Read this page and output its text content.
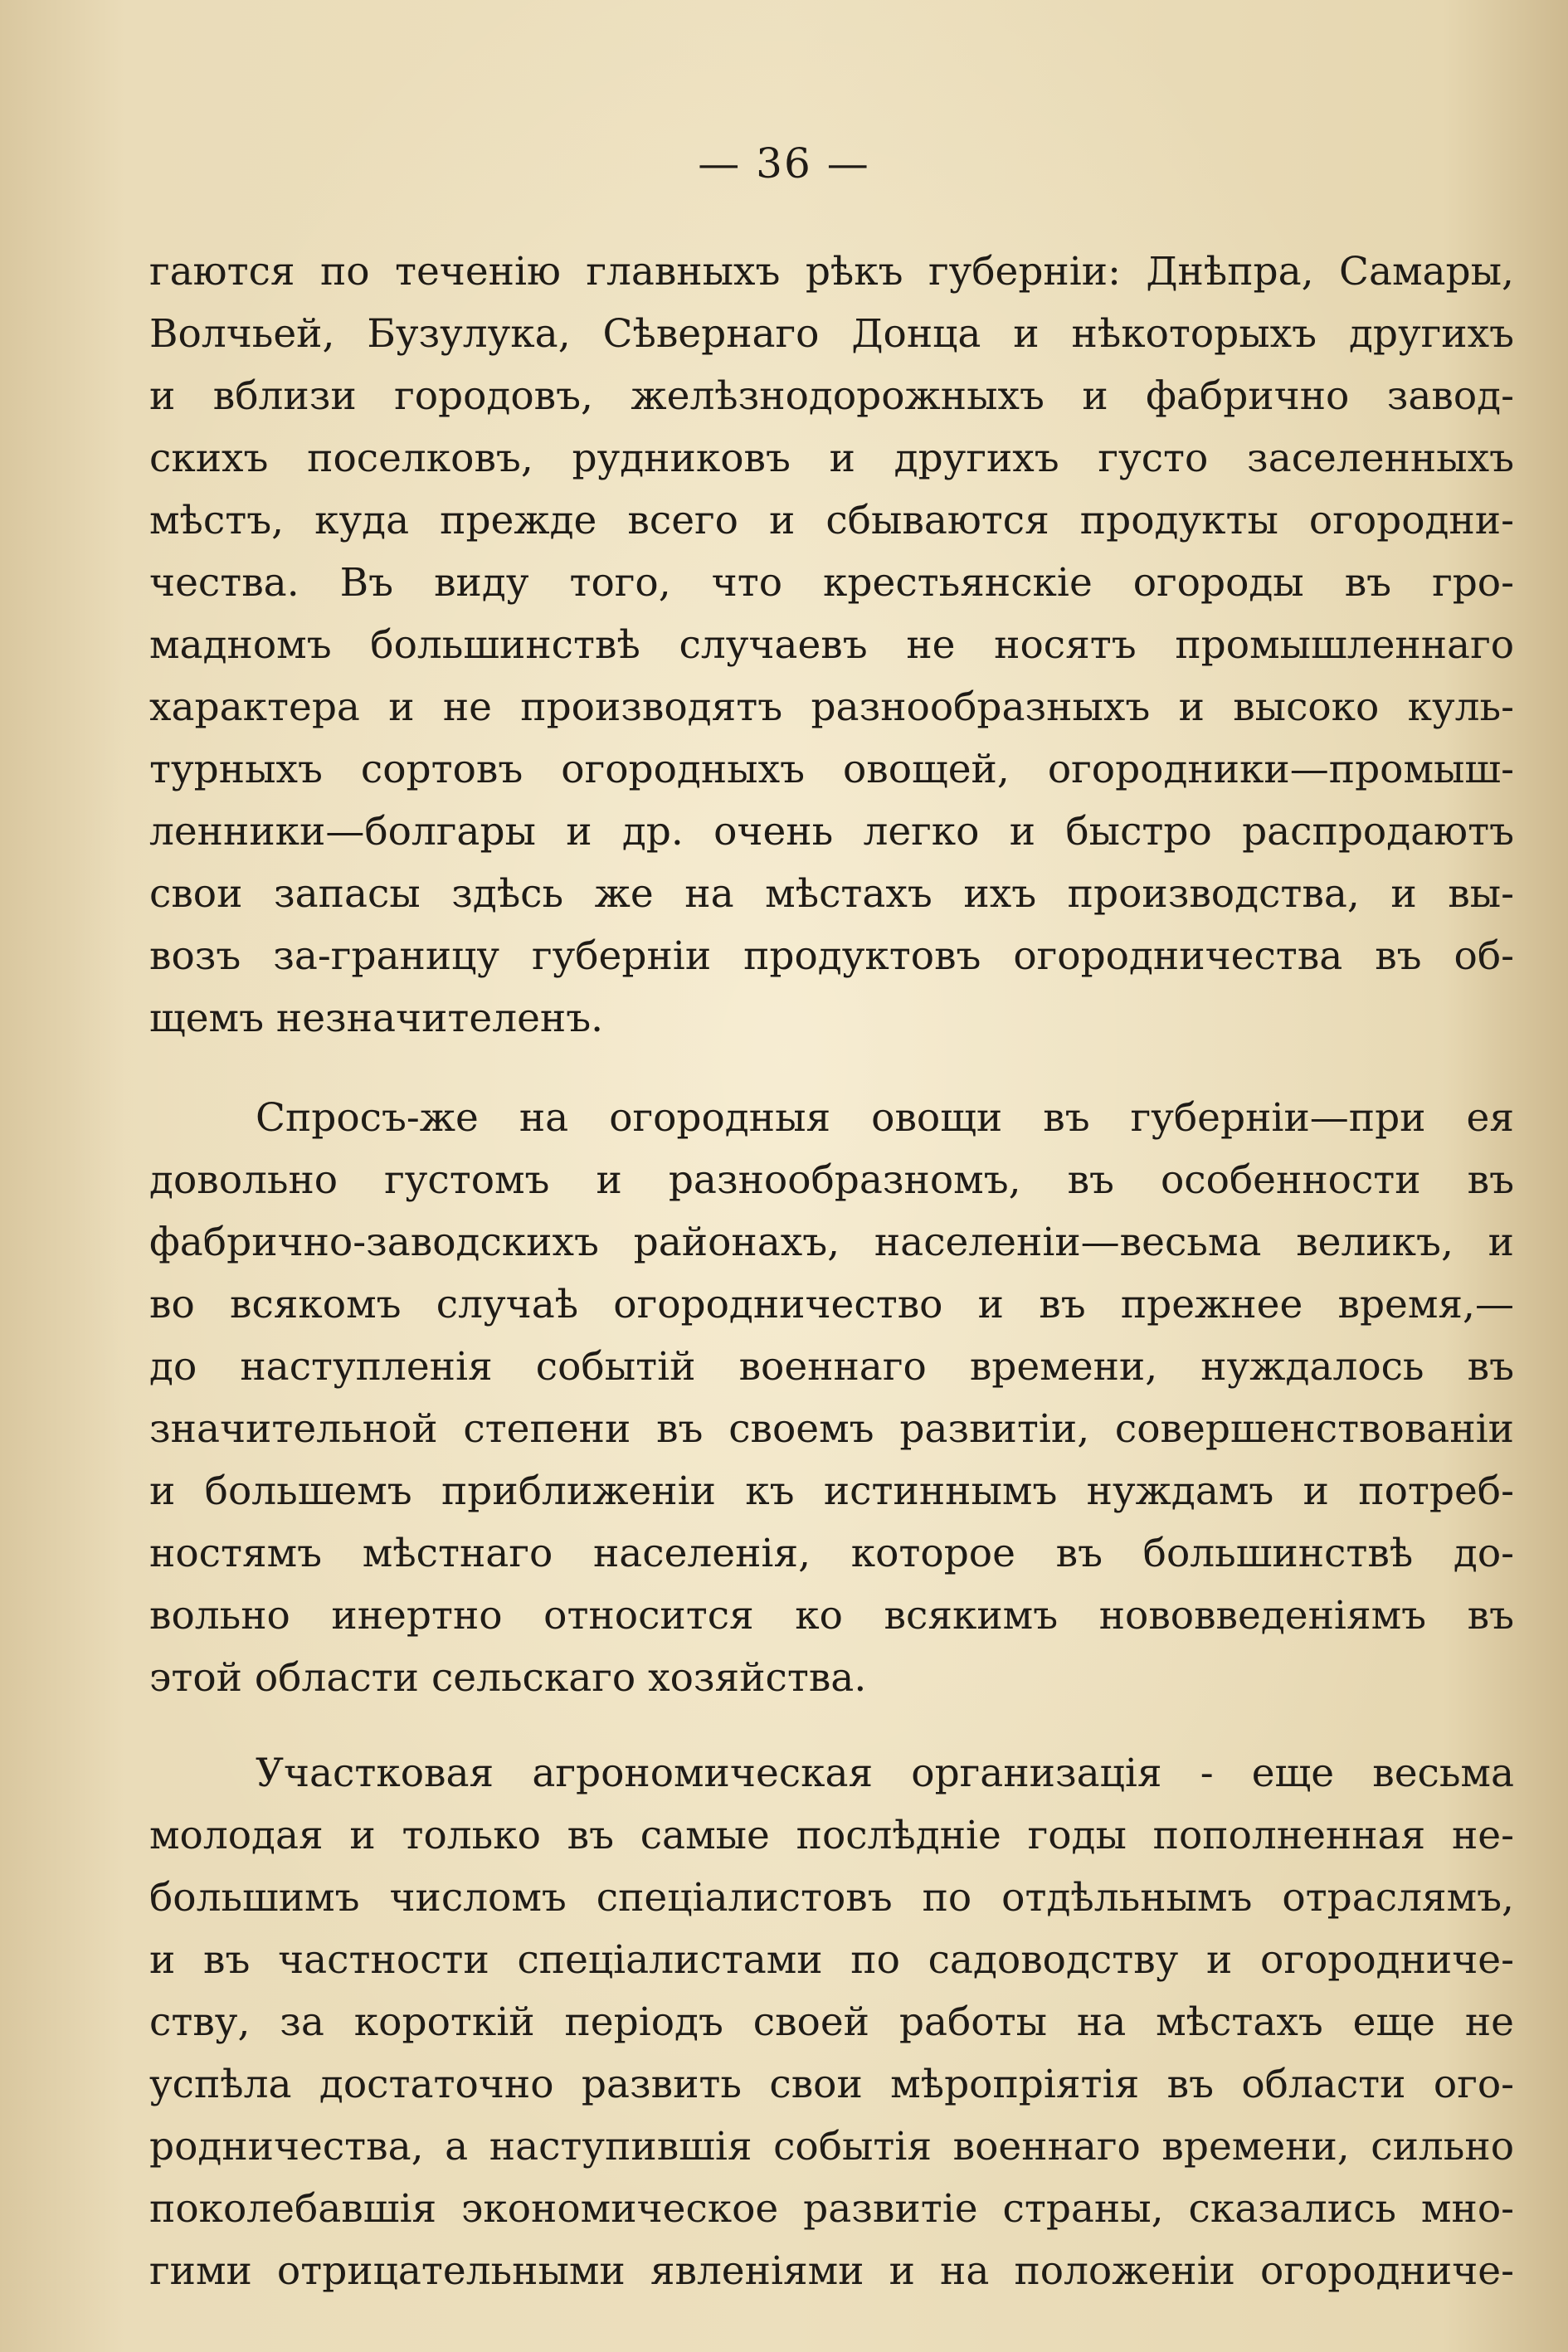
— 36 —

гаются по теченію главныхъ рѣкъ губерніи: Днѣпра, Самары,
Волчьей, Бузулука, Сѣвернаго Донца и нѣкоторыхъ другихъ
и вблизи городовъ, желѣзнодорожныхъ и фабрично завод-
скихъ поселковъ, рудниковъ и другихъ густо заселенныхъ
мѣстъ, куда прежде всего и сбываются продукты огородни-
чества. Въ виду того, что крестьянскіе огороды въ гро-
мадномъ большинствѣ случаевъ не носятъ промышленнаго
характера и не производятъ разнообразныхъ и высоко куль-
турныхъ сортовъ огородныхъ овощей, огородники—промыш-
ленники—болгары и др. очень легко и быстро распродаютъ
свои запасы здѣсь же на мѣстахъ ихъ производства, и вы-
возъ за-границу губерніи продуктовъ огородничества въ об-
щемъ незначителенъ.
Спросъ-же на огородныя овощи въ губерніи—при ея
довольно густомъ и разнообразномъ, въ особенности въ
фабрично-заводскихъ районахъ, населеніи—весьма великъ, и
во всякомъ случаѣ огородничество и въ прежнее время,—
до наступленія событій военнаго времени, нуждалось въ
значительной степени въ своемъ развитіи, совершенствованіи
и большемъ приближеніи къ истиннымъ нуждамъ и потреб-
ностямъ мѣстнаго населенія, которое въ большинствѣ до-
вольно инертно относится ко всякимъ нововведеніямъ въ
этой области сельскаго хозяйства.
Участковая агрономическая организація - еще весьма
молодая и только въ самые послѣдніе годы пополненная не-
большимъ числомъ спеціалистовъ по отдѣльнымъ отраслямъ,
и въ частности спеціалистами по садоводству и огородниче-
ству, за короткій періодъ своей работы на мѣстахъ еще не
успѣла достаточно развить свои мѣропріятія въ области ого-
родничества, а наступившія событія военнаго времени, сильно
поколебавшія экономическое развитіе страны, сказались мно-
гими отрицательными явленіями и на положеніи огородниче-
